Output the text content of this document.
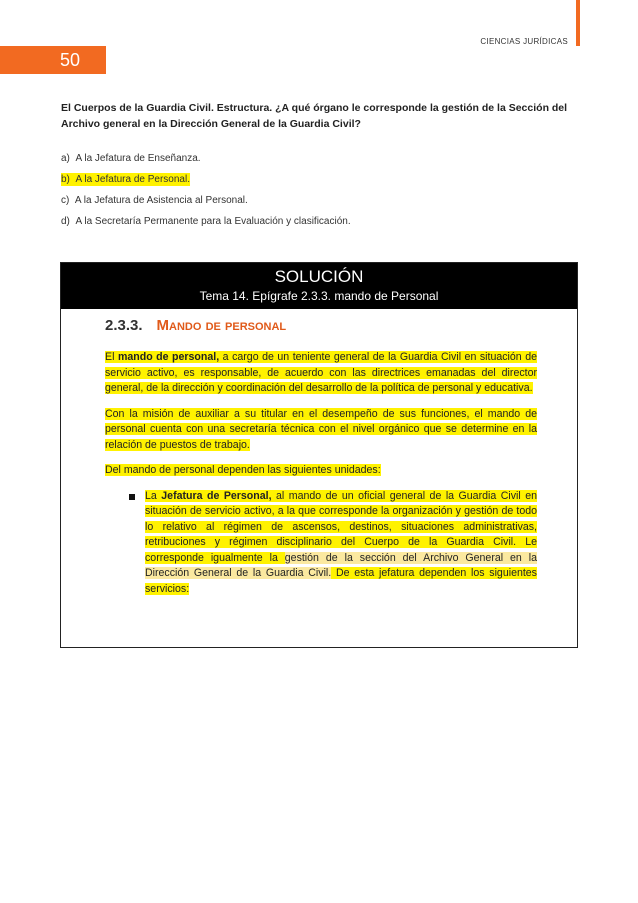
CIENCIAS JURÍDICAS
50
El Cuerpos de la Guardia Civil. Estructura. ¿A qué órgano le corresponde la gestión de la Sección del Archivo general en la Dirección General de la Guardia Civil?
a) A la Jefatura de Enseñanza.
b) A la Jefatura de Personal.
c) A la Jefatura de Asistencia al Personal.
d) A la Secretaría Permanente para la Evaluación y clasificación.
SOLUCIÓN
Tema 14. Epígrafe 2.3.3. mando de Personal
2.3.3. Mando de personal

El mando de personal, a cargo de un teniente general de la Guardia Civil en situación de servicio activo, es responsable, de acuerdo con las directrices emanadas del director general, de la dirección y coordinación del desarrollo de la política de personal y educativa.

Con la misión de auxiliar a su titular en el desempeño de sus funciones, el mando de personal cuenta con una secretaría técnica con el nivel orgánico que se determine en la relación de puestos de trabajo.

Del mando de personal dependen las siguientes unidades:

La Jefatura de Personal, al mando de un oficial general de la Guardia Civil en situación de servicio activo, a la que corresponde la organización y gestión de todo lo relativo al régimen de ascensos, destinos, situaciones administrativas, retribuciones y régimen disciplinario del Cuerpo de la Guardia Civil. Le corresponde igualmente la gestión de la sección del Archivo General en la Dirección General de la Guardia Civil. De esta jefatura dependen los siguientes servicios:
